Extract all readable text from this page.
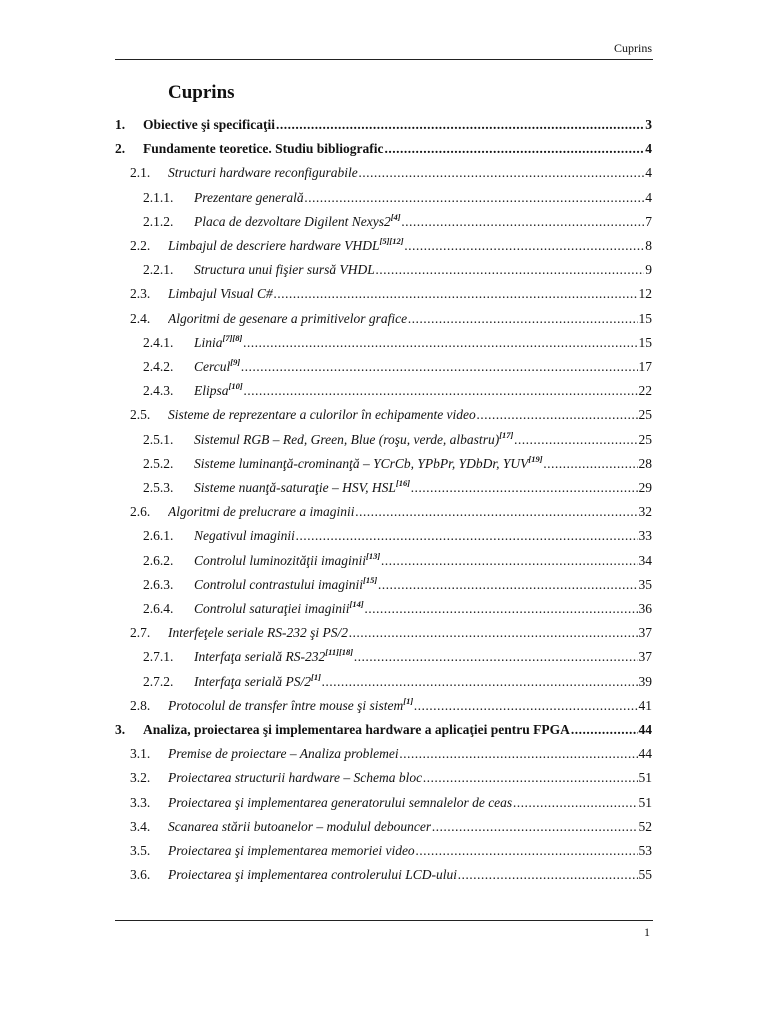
Cuprins
Cuprins
1.	Obiective şi specificaţii .....	3
2.	Fundamente teoretice. Studiu bibliografic .....	4
2.1.	Structuri hardware reconfigurabile .....	4
2.1.1.	Prezentare generală .....	4
2.1.2.	Placa de dezvoltare Digilent Nexys2[4] .....	7
2.2.	Limbajul de descriere hardware VHDL[5][12] .....	8
2.2.1.	Structura unui fişier sursă VHDL .....	9
2.3.	Limbajul Visual C# .....	12
2.4.	Algoritmi de gesenare a primitivelor grafice .....	15
2.4.1.	Linia[7][8] .....	15
2.4.2.	Cercul[9] .....	17
2.4.3.	Elipsa[10] .....	22
2.5.	Sisteme de reprezentare a culorilor în echipamente video .....	25
2.5.1.	Sistemul RGB – Red, Green, Blue (roşu, verde, albastru)[17] .....	25
2.5.2.	Sisteme luminanţă-crominanţă – YCrCb, YPbPr, YDbDr, YUV[19] .....	28
2.5.3.	Sisteme nuanţă-saturaţie – HSV, HSL[16] .....	29
2.6.	Algoritmi de prelucrare a imaginii .....	32
2.6.1.	Negativul imaginii .....	33
2.6.2.	Controlul luminozităţii imaginii[13] .....	34
2.6.3.	Controlul contrastului imaginii[15] .....	35
2.6.4.	Controlul saturaţiei imaginii[14] .....	36
2.7.	Interfeţele seriale RS-232 şi PS/2 .....	37
2.7.1.	Interfaţa serială RS-232[11][18] .....	37
2.7.2.	Interfaţa serială PS/2[1] .....	39
2.8.	Protocolul de transfer între mouse şi sistem[1] .....	41
3.	Analiza, proiectarea şi implementarea hardware a aplicaţiei pentru FPGA .....	44
3.1.	Premise de proiectare – Analiza problemei .....	44
3.2.	Proiectarea structurii hardware – Schema bloc .....	51
3.3.	Proiectarea şi implementarea generatorului semnalelor de ceas .....	51
3.4.	Scanarea stării butoanelor – modulul debouncer .....	52
3.5.	Proiectarea şi implementarea memoriei video .....	53
3.6.	Proiectarea şi implementarea controlerului LCD-ului .....	55
1
